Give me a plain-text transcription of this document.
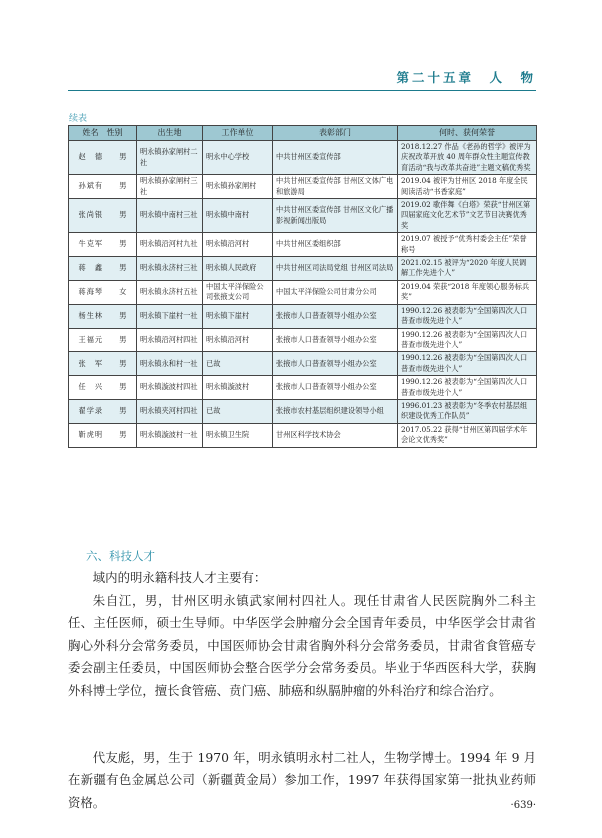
第二十五章　人　物
续表
姓名　性别	出生地	工作单位	表彰部门	何时、获何荣誉
赵　德 男	明永镇孙家闸村二社	明永中心学校	中共甘州区委宣传部	2018.12.27 作品《老孙的哲学》被评为庆祝改革开放 40 周年群众性主题宣传教育活动“我与改革共奋进”主题文稿优秀奖
孙斌有 男	明永镇孙家闸村三社	明永镇孙家闸村	中共甘州区委宣传部 甘州区文体广电和旅游局	2019.04 被评为甘州区 2018 年度全民阅读活动“书香家庭”
张尚银 男	明永镇中南村三社	明永镇中南村	中共甘州区委宣传部 甘州区文化广播影视新闻出版局	2019.02 歌伴舞《白塔》荣获“甘州区第四届家庭文化艺术节”文艺节目决赛优秀奖
牛克军 男	明永镇沿河村九社	明永镇沿河村	中共甘州区委组织部	2019.07 被授予“优秀村委会主任”荣誉称号
蒋　鑫 男	明永镇永济村三社	明永镇人民政府	中共甘州区司法局党组 甘州区司法局	2021.02.15 被评为“2020 年度人民调解工作先进个人”
蒋海琴 女	明永镇永济村五社	中国太平洋保险公司张掖支公司	中国太平洋保险公司甘肃分公司	2019.04 荣获“2018 年度领心服务标兵奖”
杨生林 男	明永镇下崖村一社	明永镇下崖村	张掖市人口普查领导小组办公室	1990.12.26 被表彰为“全国第四次人口普查市级先进个人”
王福元 男	明永镇沿河村四社	明永镇沿河村	张掖市人口普查领导小组办公室	1990.12.26 被表彰为“全国第四次人口普查市级先进个人”
张　军 男	明永镇永和村一社	已故	张掖市人口普查领导小组办公室	1990.12.26 被表彰为“全国第四次人口普查市级先进个人”
任　兴 男	明永镇漩波村四社	明永镇漩波村	张掖市人口普查领导小组办公室	1990.12.26 被表彰为“全国第四次人口普查市级先进个人”
翟学录 男	明永镇夹河村四社	已故	张掖市农村基层组织建设领导小组	1996.01.23 被表彰为“冬季农村基层组织建设优秀工作队员”
靳虎明 男	明永镇漩波村一社	明永镇卫生院	甘州区科学技术协会	2017.05.22 获得“甘州区第四届学术年会论文优秀奖”
六、科技人才

域内的明永籍科技人才主要有：

朱自江，男，甘州区明永镇武家闸村四社人。现任甘肃省人民医院胸外二科主任、主任医师，硕士生导师。中华医学会肿瘤分会全国青年委员，中华医学会甘肃省胸心外科分会常务委员，中国医师协会甘肃省胸外科分会常务委员，甘肃省食管癌专委会副主任委员，中国医师协会整合医学分会常务委员。毕业于华西医科大学，获胸外科博士学位，擅长食管癌、贲门癌、肺癌和纵膈肿瘤的外科治疗和综合治疗。

代友彪，男，生于 1970 年，明永镇明永村二社人，生物学博士。1994 年 9 月在新疆有色金属总公司（新疆黄金局）参加工作，1997 年获得国家第一批执业药师资格。	·639·
